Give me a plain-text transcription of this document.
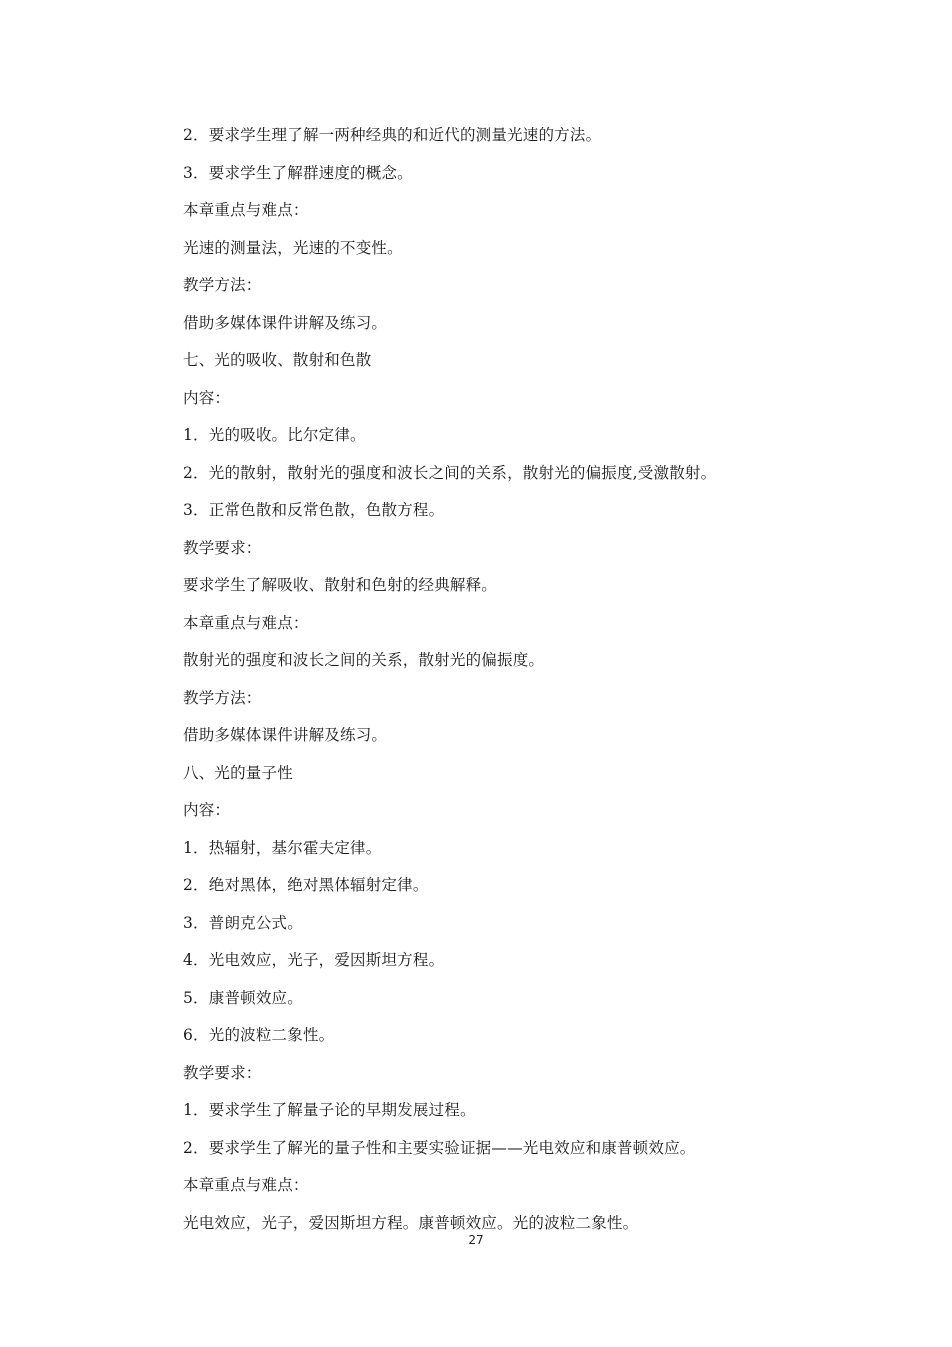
2．要求学生理了解一两种经典的和近代的测量光速的方法。
3．要求学生了解群速度的概念。
本章重点与难点：
光速的测量法，光速的不变性。
教学方法：
借助多媒体课件讲解及练习。
七、光的吸收、散射和色散
内容：
1．光的吸收。比尔定律。
2．光的散射，散射光的强度和波长之间的关系，散射光的偏振度,受激散射。
3．正常色散和反常色散，色散方程。
教学要求：
要求学生了解吸收、散射和色射的经典解释。
本章重点与难点：
散射光的强度和波长之间的关系，散射光的偏振度。
教学方法：
借助多媒体课件讲解及练习。
八、光的量子性
内容：
1．热辐射，基尔霍夫定律。
2．绝对黑体，绝对黑体辐射定律。
3．普朗克公式。
4．光电效应，光子，爱因斯坦方程。
5．康普顿效应。
6．光的波粒二象性。
教学要求：
1．要求学生了解量子论的早期发展过程。
2．要求学生了解光的量子性和主要实验证据——光电效应和康普顿效应。
本章重点与难点：
光电效应，光子，爱因斯坦方程。康普顿效应。光的波粒二象性。
27
